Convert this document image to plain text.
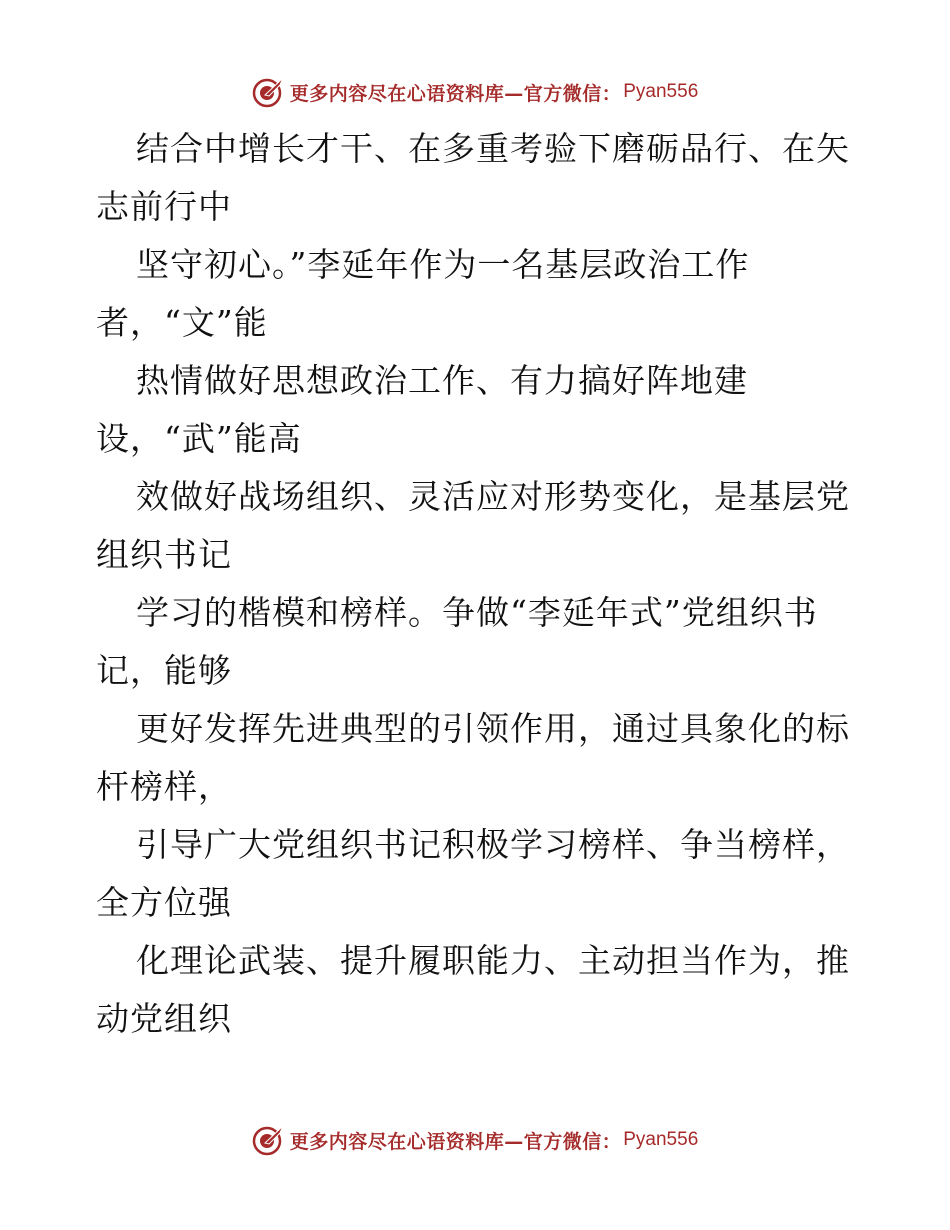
更多内容尽在心语资料库—官方微信： Pyan556
结合中增长才干、在多重考验下磨砺品行、在矢
志前行中
坚守初心。”李延年作为一名基层政治工作
者，“文”能
热情做好思想政治工作、有力搞好阵地建
设，“武”能高
效做好战场组织、灵活应对形势变化，是基层党
组织书记
学习的楷模和榜样。争做“李延年式”党组织书
记，能够
更好发挥先进典型的引领作用，通过具象化的标
杆榜样，
引导广大党组织书记积极学习榜样、争当榜样，
全方位强
化理论武装、提升履职能力、主动担当作为，推
动党组织
更多内容尽在心语资料库—官方微信： Pyan556
